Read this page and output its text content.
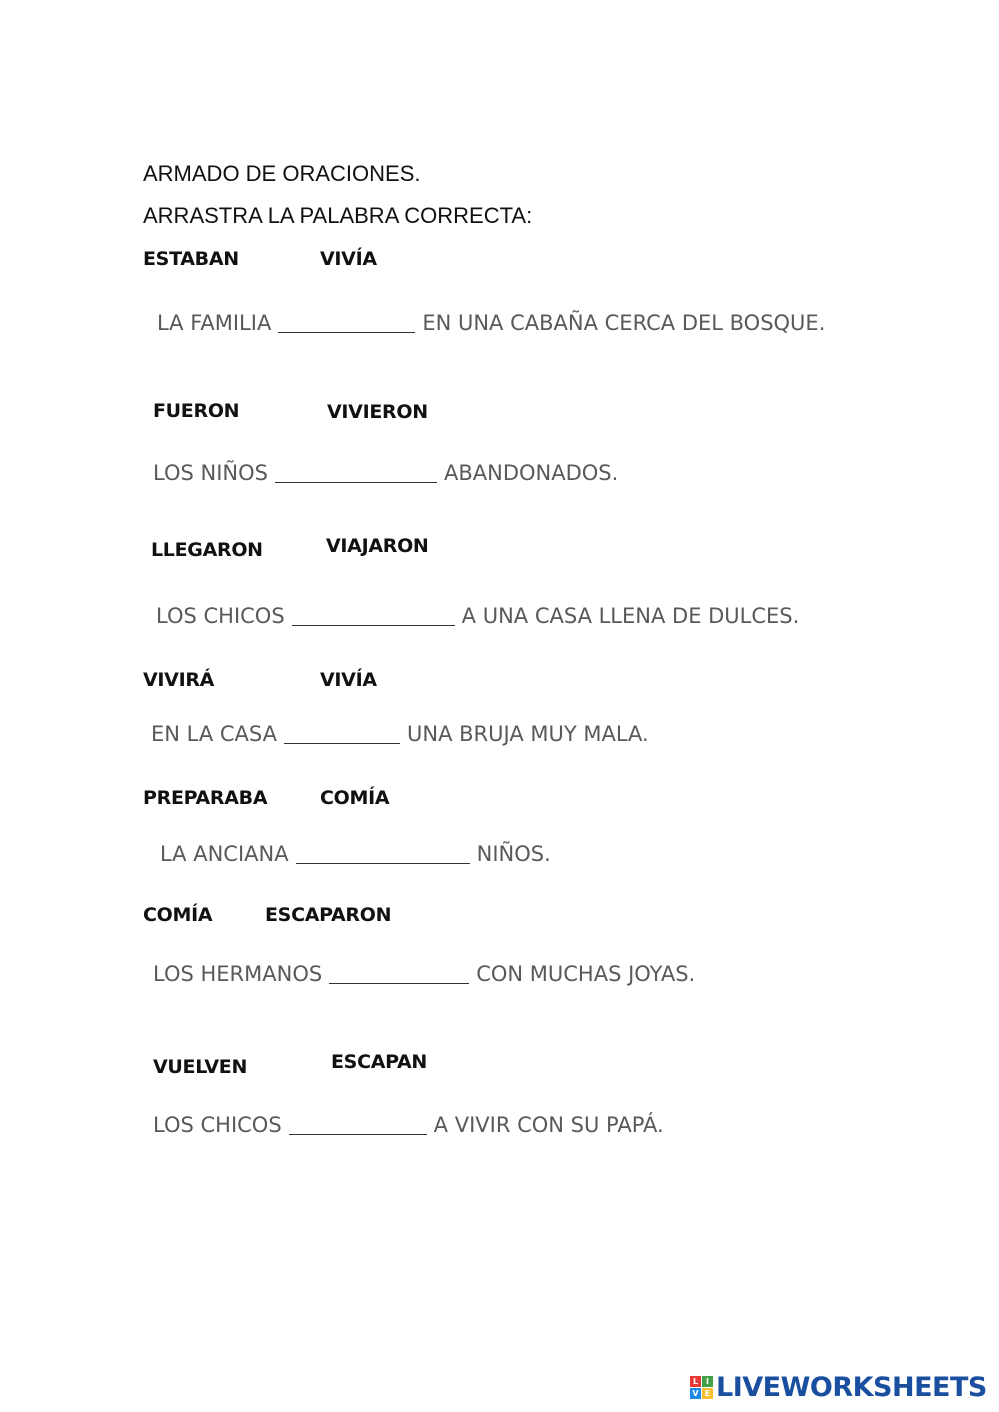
ARMADO DE ORACIONES.
ARRASTRA LA PALABRA CORRECTA:
ESTABAN	VIVÍA
LA FAMILIA	EN UNA CABAÑA CERCA DEL BOSQUE.
FUERON	VIVIERON
LOS NIÑOS	ABANDONADOS.
LLEGARON	VIAJARON
LOS CHICOS	A UNA CASA LLENA DE DULCES.
VIVIRÁ	VIVÍA
EN LA CASA	UNA BRUJA MUY MALA.
PREPARABA	COMÍA
LA ANCIANA	NIÑOS.
COMÍA	ESCAPARON
LOS HERMANOS	CON MUCHAS JOYAS.
VUELVEN	ESCAPAN
LOS CHICOS	A VIVIR CON SU PAPÁ.
L I
V E LIVEWORKSHEETS
